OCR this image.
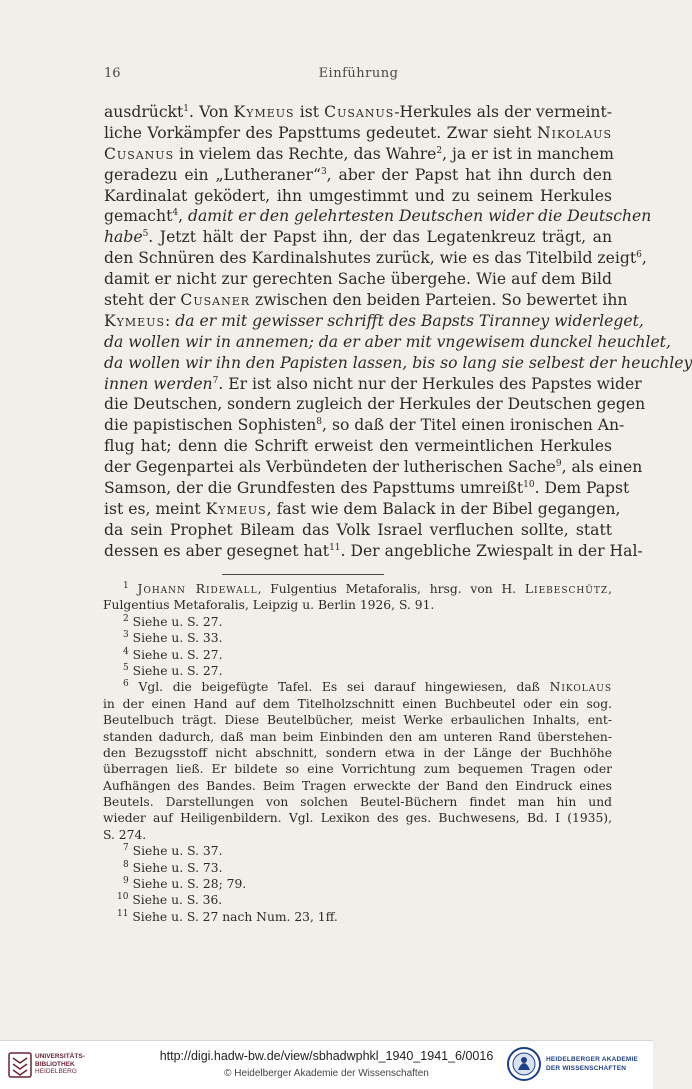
16	Einführung
ausdrückt$^1$. Von Kymeus ist Cusanus-Herkules als der vermeint-
liche Vorkämpfer des Papsttums gedeutet. Zwar sieht Nikolaus
Cusanus in vielem das Rechte, das Wahre$^2$, ja er ist in manchem
geradezu ein „Lutheraner“$^3$, aber der Papst hat ihn durch den
Kardinalat geködert, ihn umgestimmt und zu seinem Herkules
gemacht$^4$, damit er den gelehrtesten Deutschen wider die Deutschen
habe$^5$. Jetzt hält der Papst ihn, der das Legatenkreuz trägt, an
den Schnüren des Kardinalshutes zurück, wie es das Titelbild zeigt$^6$,
damit er nicht zur gerechten Sache übergehe. Wie auf dem Bild
steht der Cusaner zwischen den beiden Parteien. So bewertet ihn
Kymeus: da er mit gewisser schrifft des Bapsts Tiranney widerleget,
da wollen wir in annemen; da er aber mit vngewisem dunckel heuchlet,
da wollen wir ihn den Papisten lassen, bis so lang sie selbest der heuchley
innen werden$^7$. Er ist also nicht nur der Herkules des Papstes wider
die Deutschen, sondern zugleich der Herkules der Deutschen gegen
die papistischen Sophisten$^8$, so daß der Titel einen ironischen An-
flug hat; denn die Schrift erweist den vermeintlichen Herkules
der Gegenpartei als Verbündeten der lutherischen Sache$^9$, als einen
Samson, der die Grundfesten des Papsttums umreißt$^{10}$. Dem Papst
ist es, meint Kymeus, fast wie dem Balack in der Bibel gegangen,
da sein Prophet Bileam das Volk Israel verfluchen sollte, statt
dessen es aber gesegnet hat$^{11}$. Der angebliche Zwiespalt in der Hal-
$^1$ Johann Ridewall, Fulgentius Metaforalis, hrsg. von H. Liebeschütz,
Fulgentius Metaforalis, Leipzig u. Berlin 1926, S. 91.
$^2$ Siehe u. S. 27.
$^3$ Siehe u. S. 33.
$^4$ Siehe u. S. 27.
$^5$ Siehe u. S. 27.
$^6$ Vgl. die beigefügte Tafel. Es sei darauf hingewiesen, daß Nikolaus
in der einen Hand auf dem Titelholzschnitt einen Buchbeutel oder ein sog.
Beutelbuch trägt. Diese Beutelbücher, meist Werke erbaulichen Inhalts, ent-
standen dadurch, daß man beim Einbinden den am unteren Rand überstehen-
den Bezugsstoff nicht abschnitt, sondern etwa in der Länge der Buchhöhe
überragen ließ. Er bildete so eine Vorrichtung zum bequemen Tragen oder
Aufhängen des Bandes. Beim Tragen erweckte der Band den Eindruck eines
Beutels. Darstellungen von solchen Beutel-Büchern findet man hin und
wieder auf Heiligenbildern. Vgl. Lexikon des ges. Buchwesens, Bd. I (1935),
S. 274.
$^7$ Siehe u. S. 37.
$^8$ Siehe u. S. 73.
$^9$ Siehe u. S. 28; 79.
$^{10}$ Siehe u. S. 36.
$^{11}$ Siehe u. S. 27 nach Num. 23, 1ff.
UNIVERSITÄTS-
BIBLIOTHEK
HEIDELBERG
http://digi.hadw-bw.de/view/sbhadwphkl_1940_1941_6/0016
© Heidelberger Akademie der Wissenschaften
HEIDELBERGER AKADEMIE
DER WISSENSCHAFTEN
